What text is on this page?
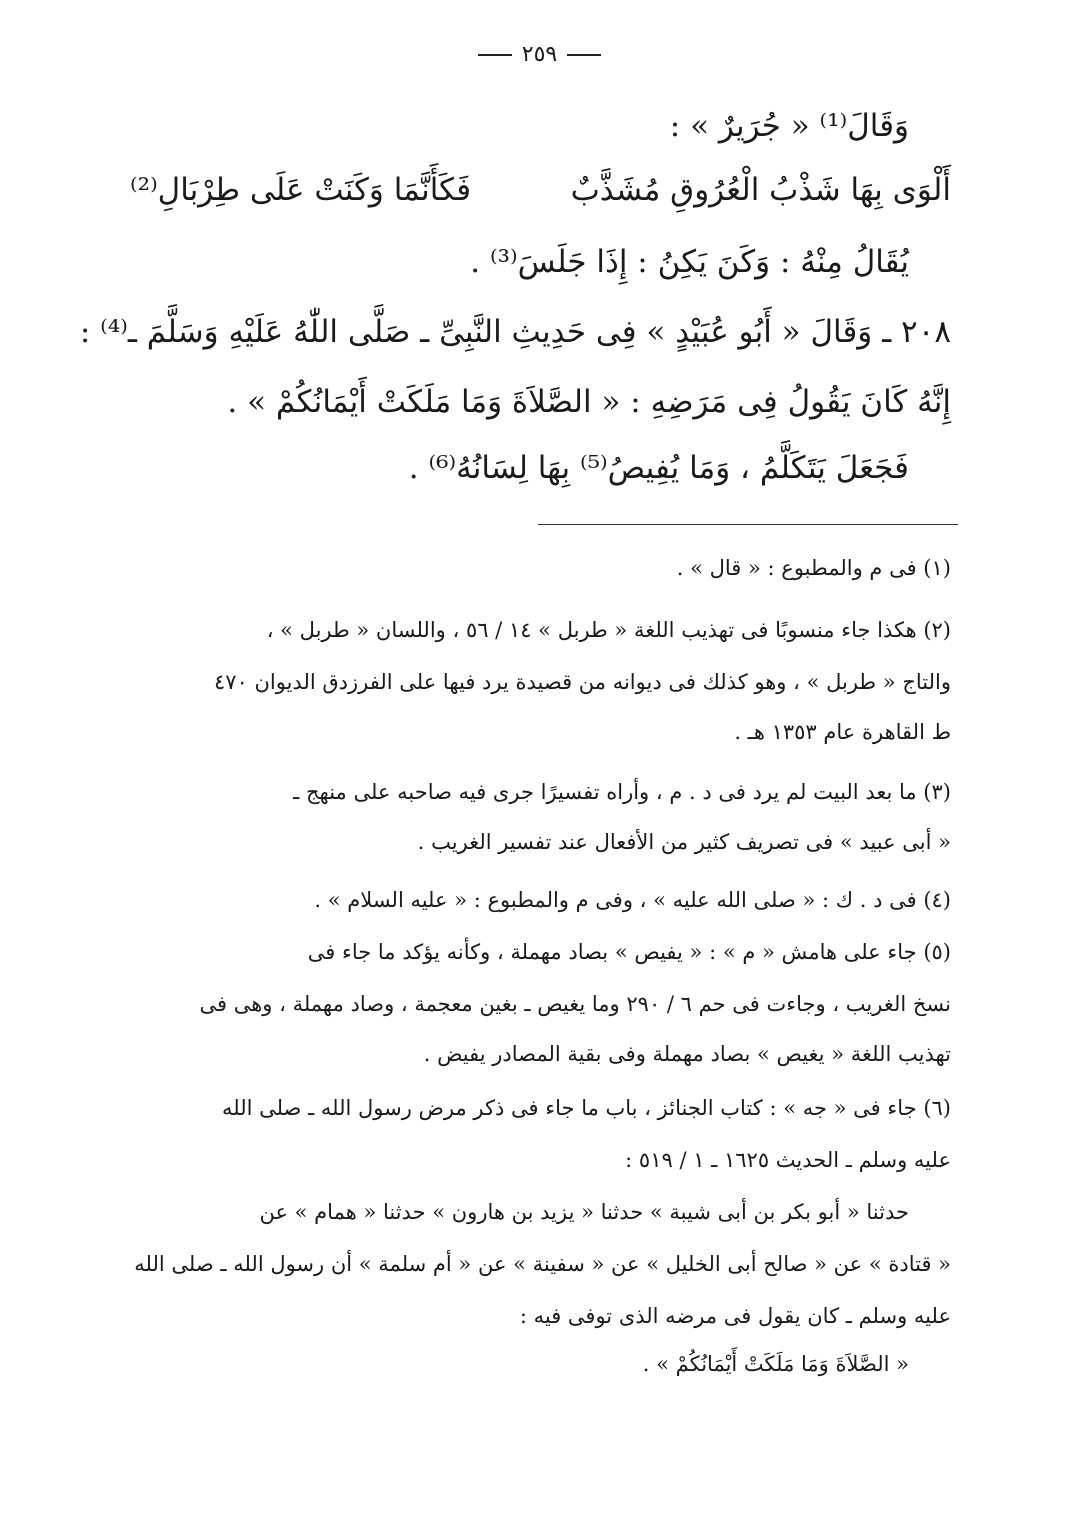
٢٥٩
وَقَالَ⁽¹⁾ « جُرَيرٌ » :
أَلْوَى بِهَا شَذْبُ الْعُرُوقِ مُشَذَّبٌ
فَكَأَنَّمَا وَكَنَتْ عَلَى طِرْبَالِ⁽²⁾
يُقَالُ مِنْهُ : وَكَنَ يَكِنُ : إِذَا جَلَسَ⁽³⁾ .
٢٠٨ ـ وَقَالَ « أَبُو عُبَيْدٍ » فِى حَدِيثِ النَّبِىِّ ـ صَلَّى اللّٰهُ عَلَيْهِ وَسَلَّمَ ـ⁽⁴⁾ :
إِنَّهُ كَانَ يَقُولُ فِى مَرَضِهِ : « الصَّلاَةَ وَمَا مَلَكَتْ أَيْمَانُكُمْ » .
فَجَعَلَ يَتَكَلَّمُ ، وَمَا يُفِيصُ⁽⁵⁾ بِهَا لِسَانُهُ⁽⁶⁾ .
(١) فى م والمطبوع : « قال » .
(٢) هكذا جاء منسوبًا فى تهذيب اللغة « طربل » ١٤ / ٥٦ ، واللسان « طربل » ،
والتاج « طربل » ، وهو كذلك فى ديوانه من قصيدة يرد فيها على الفرزدق الديوان ٤٧٠
ط القاهرة عام ١٣٥٣ هـ .
(٣) ما بعد البيت لم يرد فى د . م ، وأراه تفسيرًا جرى فيه صاحبه على منهج ـ
« أبى عبيد » فى تصريف كثير من الأفعال عند تفسير الغريب .
(٤) فى د . ك : « صلى الله عليه » ، وفى م والمطبوع : « عليه السلام » .
(٥) جاء على هامش « م » : « يفيص » بصاد مهملة ، وكأنه يؤكد ما جاء فى
نسخ الغريب ، وجاءت فى حم ٦ / ٢٩٠ وما يغيص ـ بغين معجمة ، وصاد مهملة ، وهى فى
تهذيب اللغة « يغيص » بصاد مهملة وفى بقية المصادر يفيض .
(٦) جاء فى « جه » : كتاب الجنائز ، باب ما جاء فى ذكر مرض رسول الله ـ صلى الله
عليه وسلم ـ الحديث ١٦٢٥ ـ ١ / ٥١٩ :
حدثنا « أبو بكر بن أبى شيبة » حدثنا « يزيد بن هارون » حدثنا « همام » عن
« قتادة » عن « صالح أبى الخليل » عن « سفينة » عن « أم سلمة » أن رسول الله ـ صلى الله
عليه وسلم ـ كان يقول فى مرضه الذى توفى فيه :
« الصَّلاَةَ وَمَا مَلَكَتْ أَيْمَانُكُمْ » .
